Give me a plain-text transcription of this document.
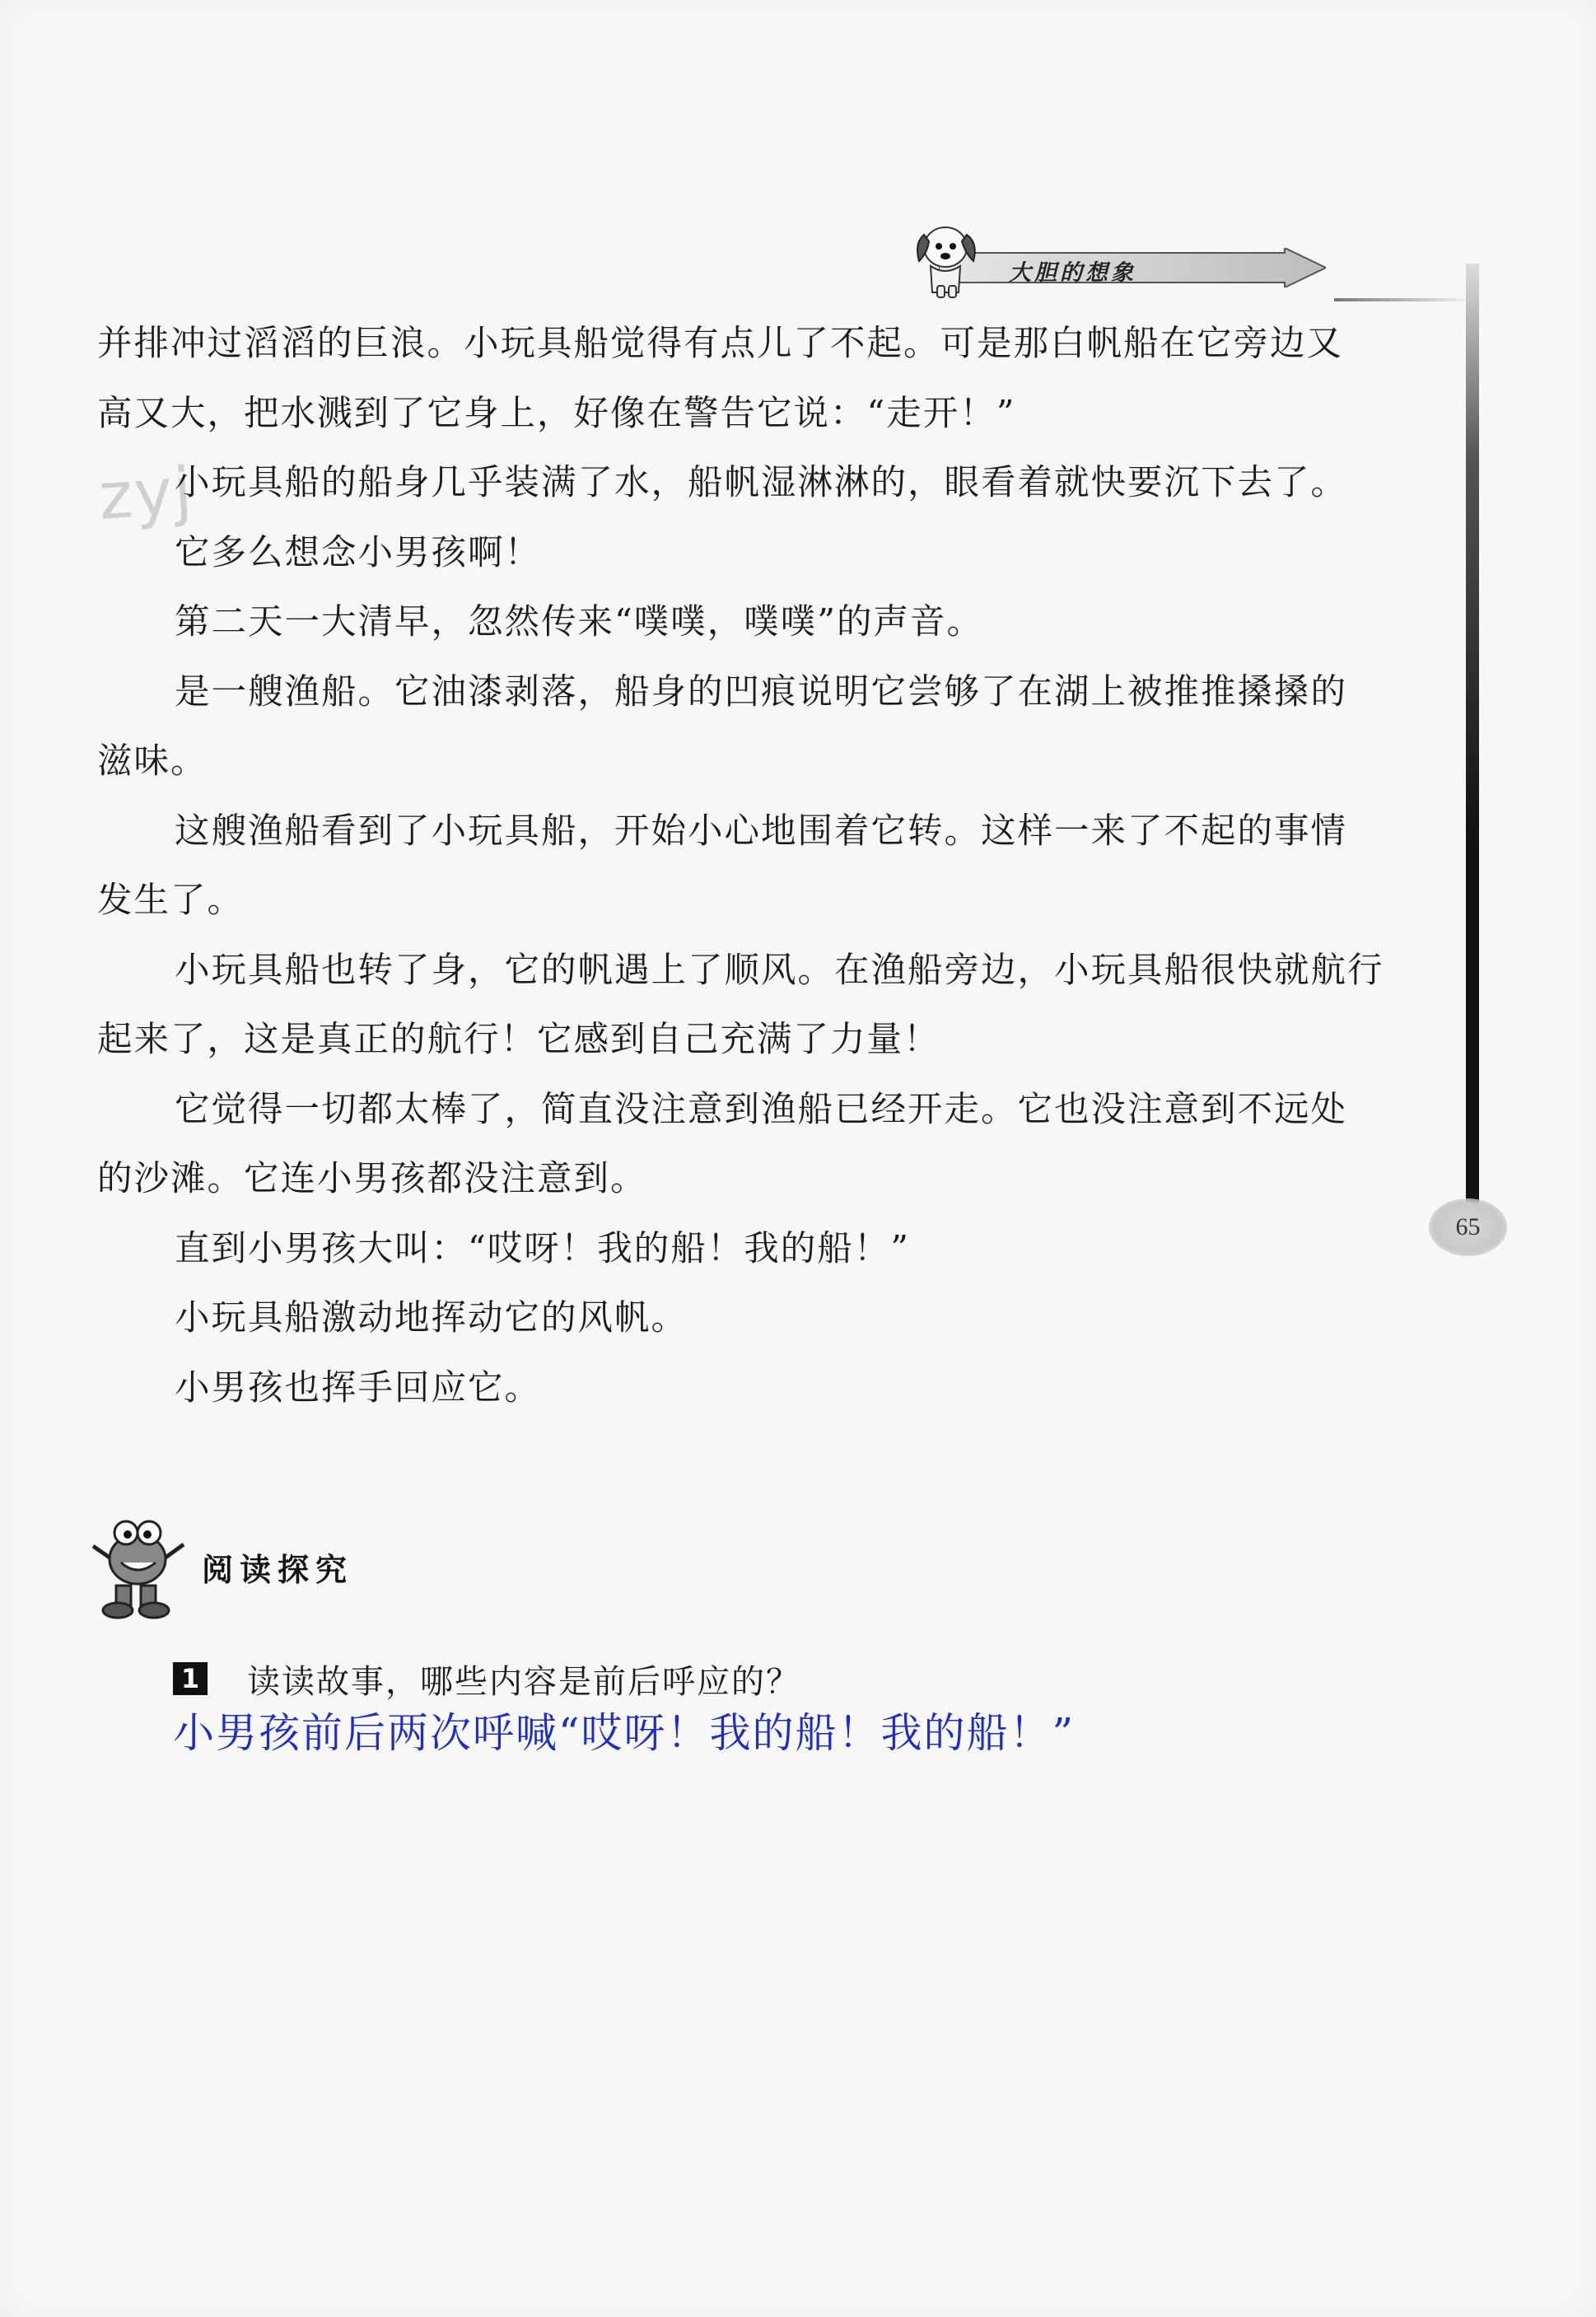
大胆的想象
65
zyj
并排冲过滔滔的巨浪。小玩具船觉得有点儿了不起。可是那白帆船在它旁边又
高又大，把水溅到了它身上，好像在警告它说：“走开！”
小玩具船的船身几乎装满了水，船帆湿淋淋的，眼看着就快要沉下去了。
它多么想念小男孩啊！
第二天一大清早，忽然传来“噗噗，噗噗”的声音。
是一艘渔船。它油漆剥落，船身的凹痕说明它尝够了在湖上被推推搡搡的
滋味。
这艘渔船看到了小玩具船，开始小心地围着它转。这样一来了不起的事情
发生了。
小玩具船也转了身，它的帆遇上了顺风。在渔船旁边，小玩具船很快就航行
起来了，这是真正的航行！它感到自己充满了力量！
它觉得一切都太棒了，简直没注意到渔船已经开走。它也没注意到不远处
的沙滩。它连小男孩都没注意到。
直到小男孩大叫：“哎呀！我的船！我的船！”
小玩具船激动地挥动它的风帆。
小男孩也挥手回应它。
阅读探究
1 读读故事，哪些内容是前后呼应的？
小男孩前后两次呼喊“哎呀！我的船！我的船！”
